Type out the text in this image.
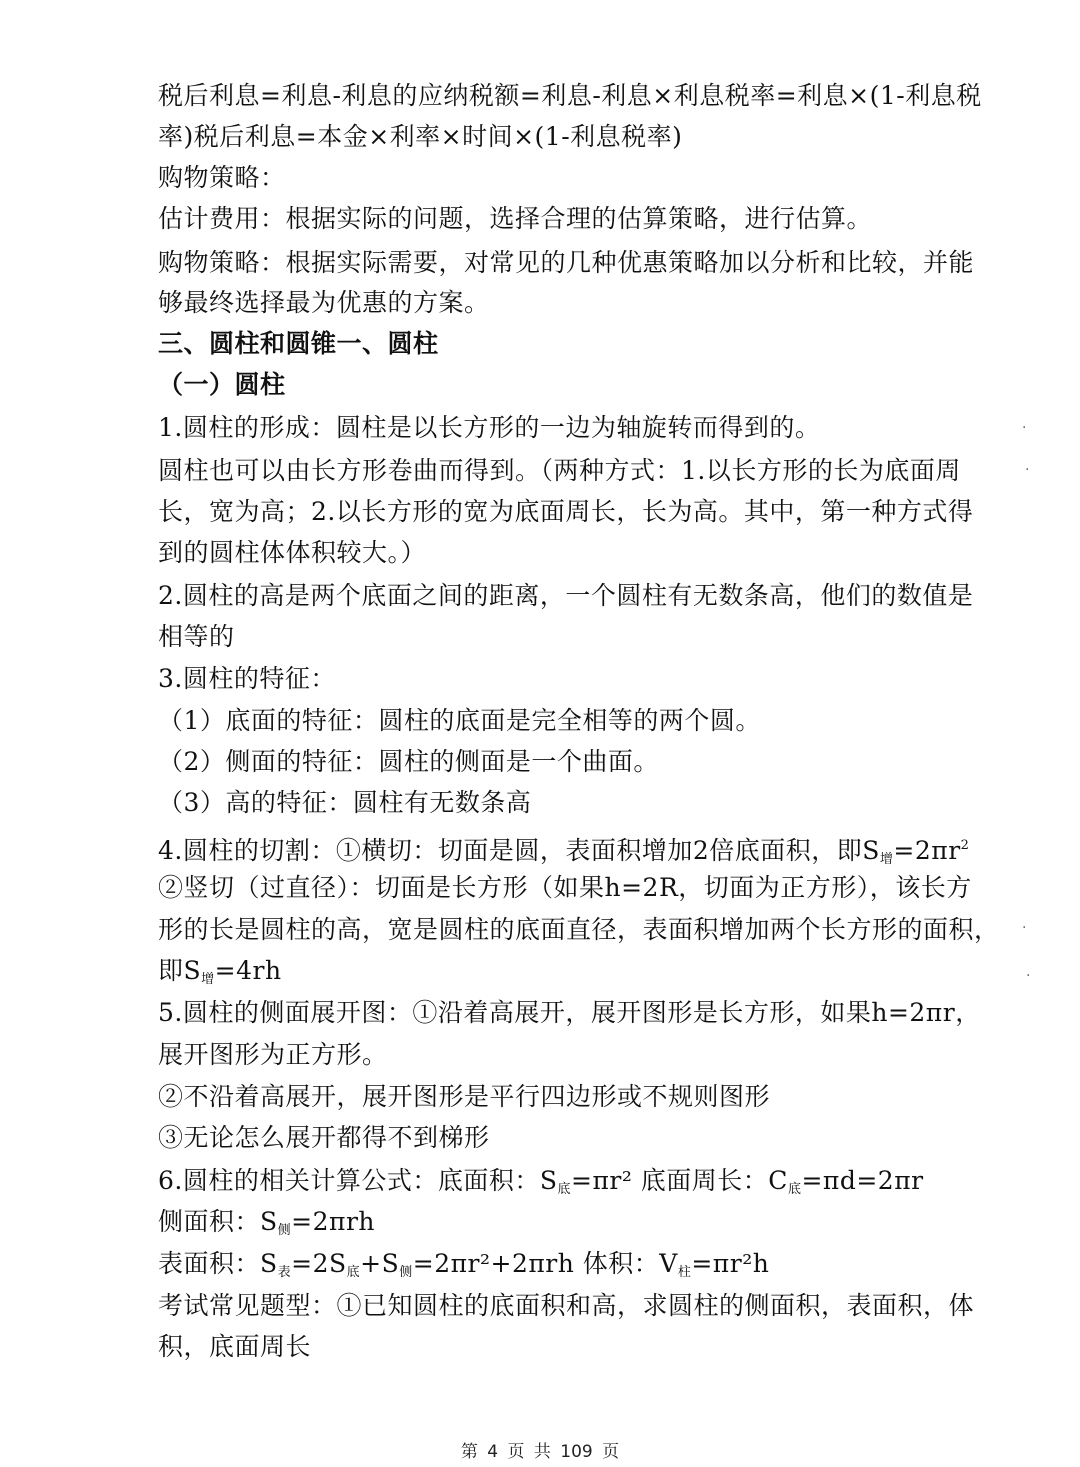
税后利息=利息-利息的应纳税额=利息-利息×利息税率=利息×(1-利息税
率)税后利息=本金×利率×时间×(1-利息税率)
购物策略：
估计费用：根据实际的问题，选择合理的估算策略，进行估算。
购物策略：根据实际需要，对常见的几种优惠策略加以分析和比较，并能
够最终选择最为优惠的方案。
三、圆柱和圆锥一、圆柱
（一）圆柱
1.圆柱的形成：圆柱是以长方形的一边为轴旋转而得到的。
圆柱也可以由长方形卷曲而得到。（两种方式：1.以长方形的长为底面周
长，宽为高；2.以长方形的宽为底面周长，长为高。其中，第一种方式得
到的圆柱体体积较大。）
2.圆柱的高是两个底面之间的距离，一个圆柱有无数条高，他们的数值是
相等的
3.圆柱的特征：
（1）底面的特征：圆柱的底面是完全相等的两个圆。
（2）侧面的特征：圆柱的侧面是一个曲面。
（3）高的特征：圆柱有无数条高
4.圆柱的切割：①横切：切面是圆，表面积增加2倍底面积，即$S_增=2\pi r^2$
②竖切（过直径）：切面是长方形（如果h=2R，切面为正方形），该长方
形的长是圆柱的高，宽是圆柱的底面直径，表面积增加两个长方形的面积，
即$S_增=4rh$
5.圆柱的侧面展开图：①沿着高展开，展开图形是长方形，如果h=2πr，
展开图形为正方形。
②不沿着高展开，展开图形是平行四边形或不规则图形
③无论怎么展开都得不到梯形
6.圆柱的相关计算公式：底面积：$S_底=\pi r^2$ 底面周长：$C_底=\pi d=2\pi r$
侧面积：$S_侧=2\pi rh$
表面积：$S_表=2S_底+S_侧=2\pi r^2+2\pi rh$ 体积：$V_柱=\pi r^2h$
考试常见题型：①已知圆柱的底面积和高，求圆柱的侧面积，表面积，体
积，底面周长
第 4 页 共 109 页
·
·
·
·
